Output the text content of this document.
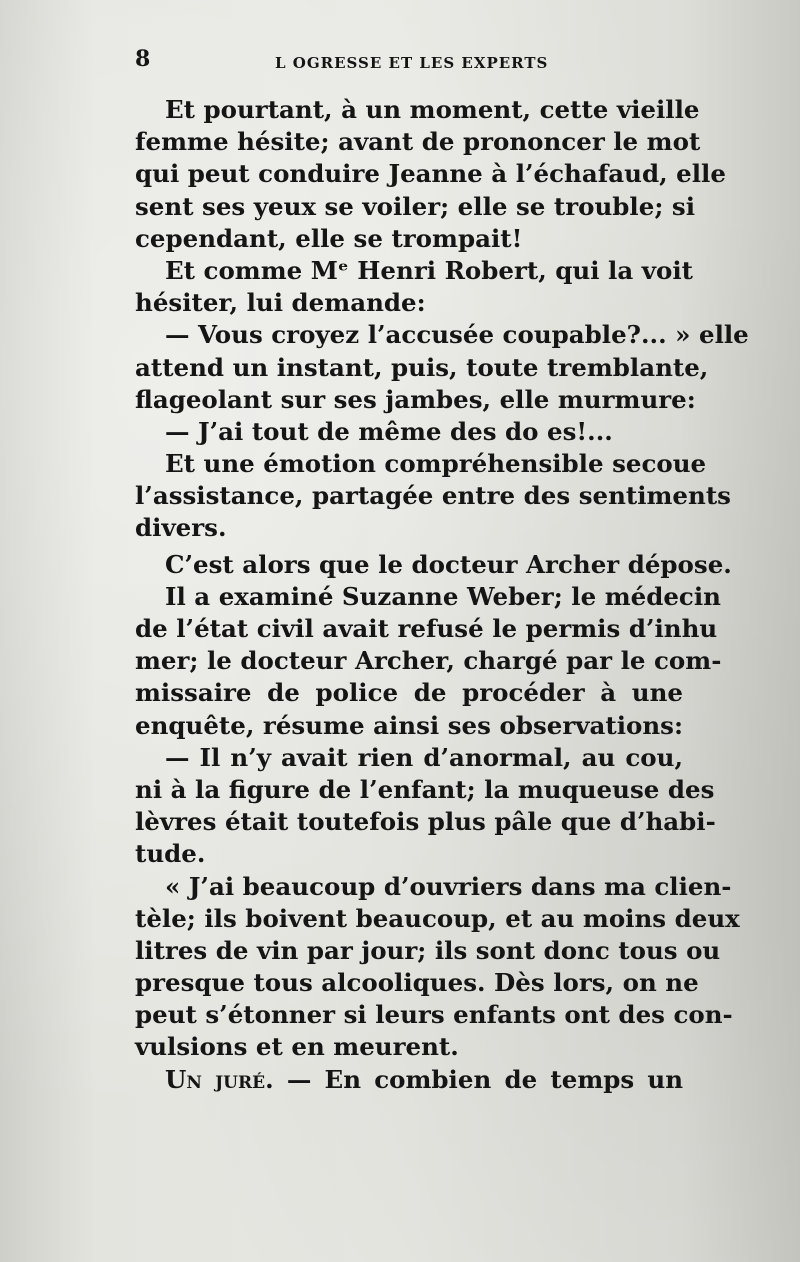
8	L OGRESSE ET LES EXPERTS
Et pourtant, à un moment, cette vieille
femme hésite; avant de prononcer le mot
qui peut conduire Jeanne à l’échafaud, elle
sent ses yeux se voiler; elle se trouble; si
cependant, elle se trompait!
Et comme Mᵉ Henri Robert, qui la voit
hésiter, lui demande:
— Vous croyez l’accusée coupable?... » elle
attend un instant, puis, toute tremblante,
flageolant sur ses jambes, elle murmure:
— J’ai tout de même des do es!...
Et une émotion compréhensible secoue
l’assistance, partagée entre des sentiments
divers.
C’est alors que le docteur Archer dépose.
Il a examiné Suzanne Weber; le médecin
de l’état civil avait refusé le permis d’inhu
mer; le docteur Archer, chargé par le com-
missaire de police de procéder à une
enquête, résume ainsi ses observations:
— Il n’y avait rien d’anormal, au cou,
ni à la figure de l’enfant; la muqueuse des
lèvres était toutefois plus pâle que d’habi-
tude.
« J’ai beaucoup d’ouvriers dans ma clien-
tèle; ils boivent beaucoup, et au moins deux
litres de vin par jour; ils sont donc tous ou
presque tous alcooliques. Dès lors, on ne
peut s’étonner si leurs enfants ont des con-
vulsions et en meurent.
Un juré. — En combien de temps un
